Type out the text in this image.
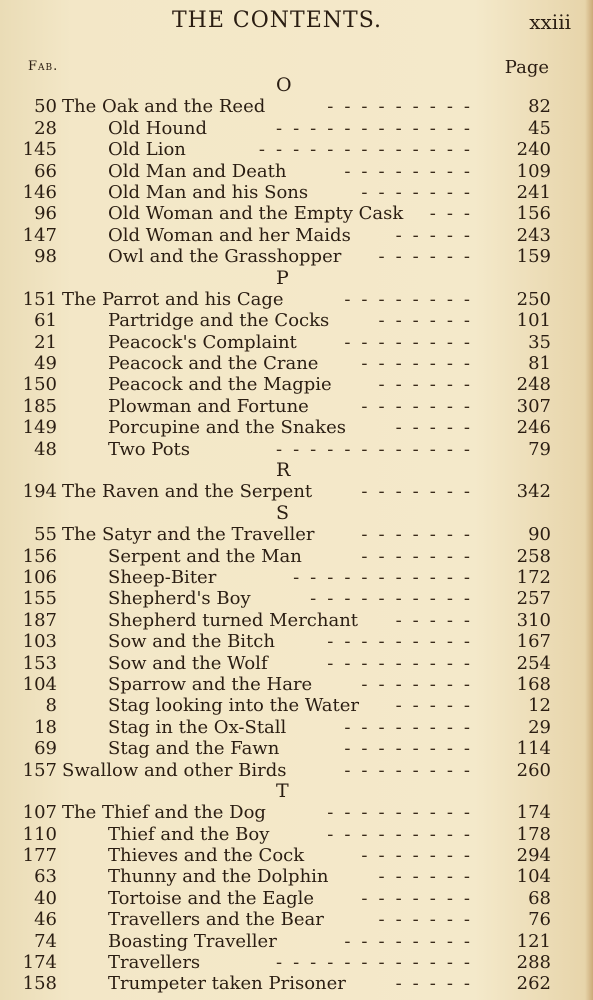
THE CONTENTS.	xxiii
Fab.	Page
O
50 The Oak and the Reed	---------	82
28	Old Hound	------------	45
145	Old Lion	-------------	240
66	Old Man and Death	--------	109
146	Old Man and his Sons	-------	241
96	Old Woman and the Empty Cask	---	156
147	Old Woman and her Maids	-----	243
98	Owl and the Grasshopper	------	159
P
151 The Parrot and his Cage	--------	250
61	Partridge and the Cocks	------	101
21	Peacock's Complaint	--------	35
49	Peacock and the Crane	-------	81
150	Peacock and the Magpie	------	248
185	Plowman and Fortune	-------	307
149	Porcupine and the Snakes	-----	246
48	Two Pots	------------	79
R
194 The Raven and the Serpent	-------	342
S
55 The Satyr and the Traveller	-------	90
156	Serpent and the Man	-------	258
106	Sheep-Biter	-----------	172
155	Shepherd's Boy	----------	257
187	Shepherd turned Merchant	-----	310
103	Sow and the Bitch	---------	167
153	Sow and the Wolf	---------	254
104	Sparrow and the Hare	-------	168
8	Stag looking into the Water	-----	12
18	Stag in the Ox-Stall	--------	29
69	Stag and the Fawn	--------	114
157 Swallow and other Birds	--------	260
T
107 The Thief and the Dog	---------	174
110	Thief and the Boy	---------	178
177	Thieves and the Cock	-------	294
63	Thunny and the Dolphin	------	104
40	Tortoise and the Eagle	-------	68
46	Travellers and the Bear	------	76
74	Boasting Traveller	--------	121
174	Travellers	------------	288
158	Trumpeter taken Prisoner	-----	262
